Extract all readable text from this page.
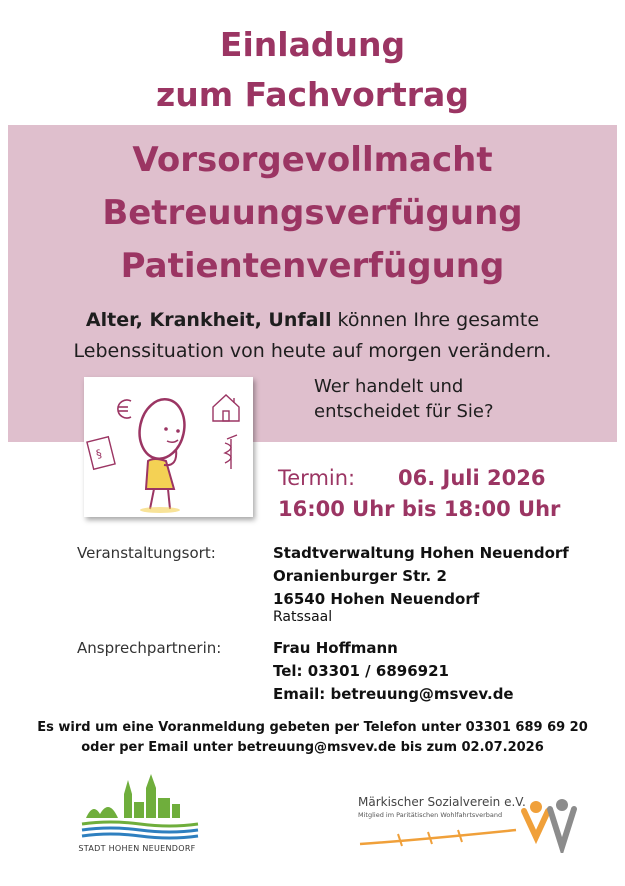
Einladung
zum Fachvortrag
Vorsorgevollmacht
Betreuungsverfügung
Patientenverfügung
Alter, Krankheit, Unfall können Ihre gesamte
Lebenssituation von heute auf morgen verändern.
§
Wer handelt und
entscheidet für Sie?
Termin: 06. Juli 2026
16:00 Uhr bis 18:00 Uhr
Veranstaltungsort:	Stadtverwaltung Hohen Neuendorf
Oranienburger Str. 2
16540 Hohen Neuendorf
Ratssaal
Ansprechpartnerin:	Frau Hoffmann
Tel: 03301 / 6896921
Email: betreuung@msvev.de
Es wird um eine Voranmeldung gebeten per Telefon unter 03301 689 69 20
oder per Email unter betreuung@msvev.de bis zum 02.07.2026
STADT HOHEN NEUENDORF
Märkischer Sozialverein e.V.
Mitglied im Paritätischen Wohlfahrtsverband
